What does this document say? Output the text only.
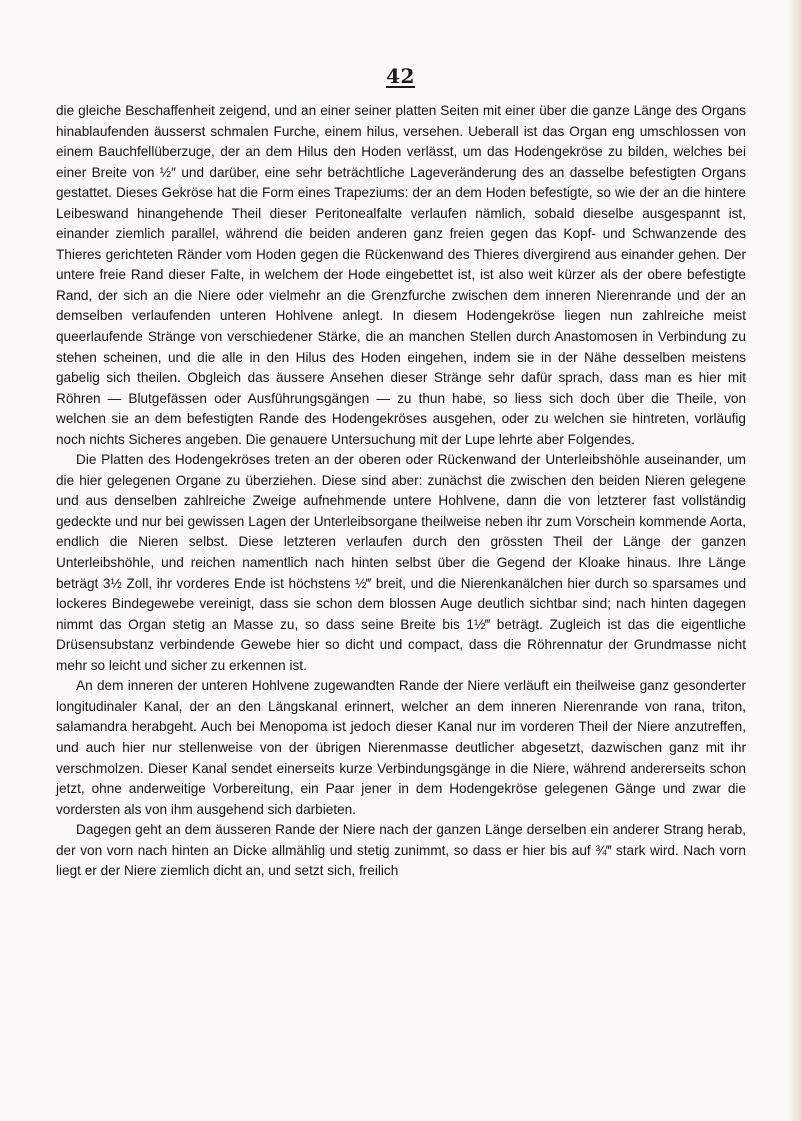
42

die gleiche Beschaffenheit zeigend, und an einer seiner platten Seiten mit einer über die ganze Länge des Organs hinablaufenden äusserst schmalen Furche, einem hilus, versehen. Ueberall ist das Organ eng umschlossen von einem Bauchfellüberzuge, der an dem Hilus den Hoden verlässt, um das Hodengekröse zu bilden, welches bei einer Breite von ½″ und darüber, eine sehr beträchtliche Lageveränderung des an dasselbe befestigten Organs gestattet. Dieses Gekröse hat die Form eines Trapeziums: der an dem Hoden befestigte, so wie der an die hintere Leibeswand hinangehende Theil dieser Peritonealfalte verlaufen nämlich, sobald dieselbe ausgespannt ist, einander ziemlich parallel, während die beiden anderen ganz freien gegen das Kopf- und Schwanzende des Thieres gerichteten Ränder vom Hoden gegen die Rückenwand des Thieres divergirend aus einander gehen. Der untere freie Rand dieser Falte, in welchem der Hode eingebettet ist, ist also weit kürzer als der obere befestigte Rand, der sich an die Niere oder vielmehr an die Grenzfurche zwischen dem inneren Nierenrande und der an demselben verlaufenden unteren Hohlvene anlegt. In diesem Hodengekröse liegen nun zahlreiche meist queerlaufende Stränge von verschiedener Stärke, die an manchen Stellen durch Anastomosen in Verbindung zu stehen scheinen, und die alle in den Hilus des Hoden eingehen, indem sie in der Nähe desselben meistens gabelig sich theilen. Obgleich das äussere Ansehen dieser Stränge sehr dafür sprach, dass man es hier mit Röhren — Blutgefässen oder Ausführungsgängen — zu thun habe, so liess sich doch über die Theile, von welchen sie an dem befestigten Rande des Hodengekröses ausgehen, oder zu welchen sie hintreten, vorläufig noch nichts Sicheres angeben. Die genauere Untersuchung mit der Lupe lehrte aber Folgendes.

Die Platten des Hodengekröses treten an der oberen oder Rückenwand der Unterleibshöhle auseinander, um die hier gelegenen Organe zu überziehen. Diese sind aber: zunächst die zwischen den beiden Nieren gelegene und aus denselben zahlreiche Zweige aufnehmende untere Hohlvene, dann die von letzterer fast vollständig gedeckte und nur bei gewissen Lagen der Unterleibsorgane theilweise neben ihr zum Vorschein kommende Aorta, endlich die Nieren selbst. Diese letzteren verlaufen durch den grössten Theil der Länge der ganzen Unterleibshöhle, und reichen namentlich nach hinten selbst über die Gegend der Kloake hinaus. Ihre Länge beträgt 3½ Zoll, ihr vorderes Ende ist höchstens ½‴ breit, und die Nierenkanälchen hier durch so sparsames und lockeres Bindegewebe vereinigt, dass sie schon dem blossen Auge deutlich sichtbar sind; nach hinten dagegen nimmt das Organ stetig an Masse zu, so dass seine Breite bis 1½‴ beträgt. Zugleich ist das die eigentliche Drüsensubstanz verbindende Gewebe hier so dicht und compact, dass die Röhrennatur der Grundmasse nicht mehr so leicht und sicher zu erkennen ist.

An dem inneren der unteren Hohlvene zugewandten Rande der Niere verläuft ein theilweise ganz gesonderter longitudinaler Kanal, der an den Längskanal erinnert, welcher an dem inneren Nierenrande von rana, triton, salamandra herabgeht. Auch bei Menopoma ist jedoch dieser Kanal nur im vorderen Theil der Niere anzutreffen, und auch hier nur stellenweise von der übrigen Nierenmasse deutlicher abgesetzt, dazwischen ganz mit ihr verschmolzen. Dieser Kanal sendet einerseits kurze Verbindungsgänge in die Niere, während andererseits schon jetzt, ohne anderweitige Vorbereitung, ein Paar jener in dem Hodengekröse gelegenen Gänge und zwar die vordersten als von ihm ausgehend sich darbieten.

Dagegen geht an dem äusseren Rande der Niere nach der ganzen Länge derselben ein anderer Strang herab, der von vorn nach hinten an Dicke allmählig und stetig zunimmt, so dass er hier bis auf ¾‴ stark wird. Nach vorn liegt er der Niere ziemlich dicht an, und setzt sich, freilich
